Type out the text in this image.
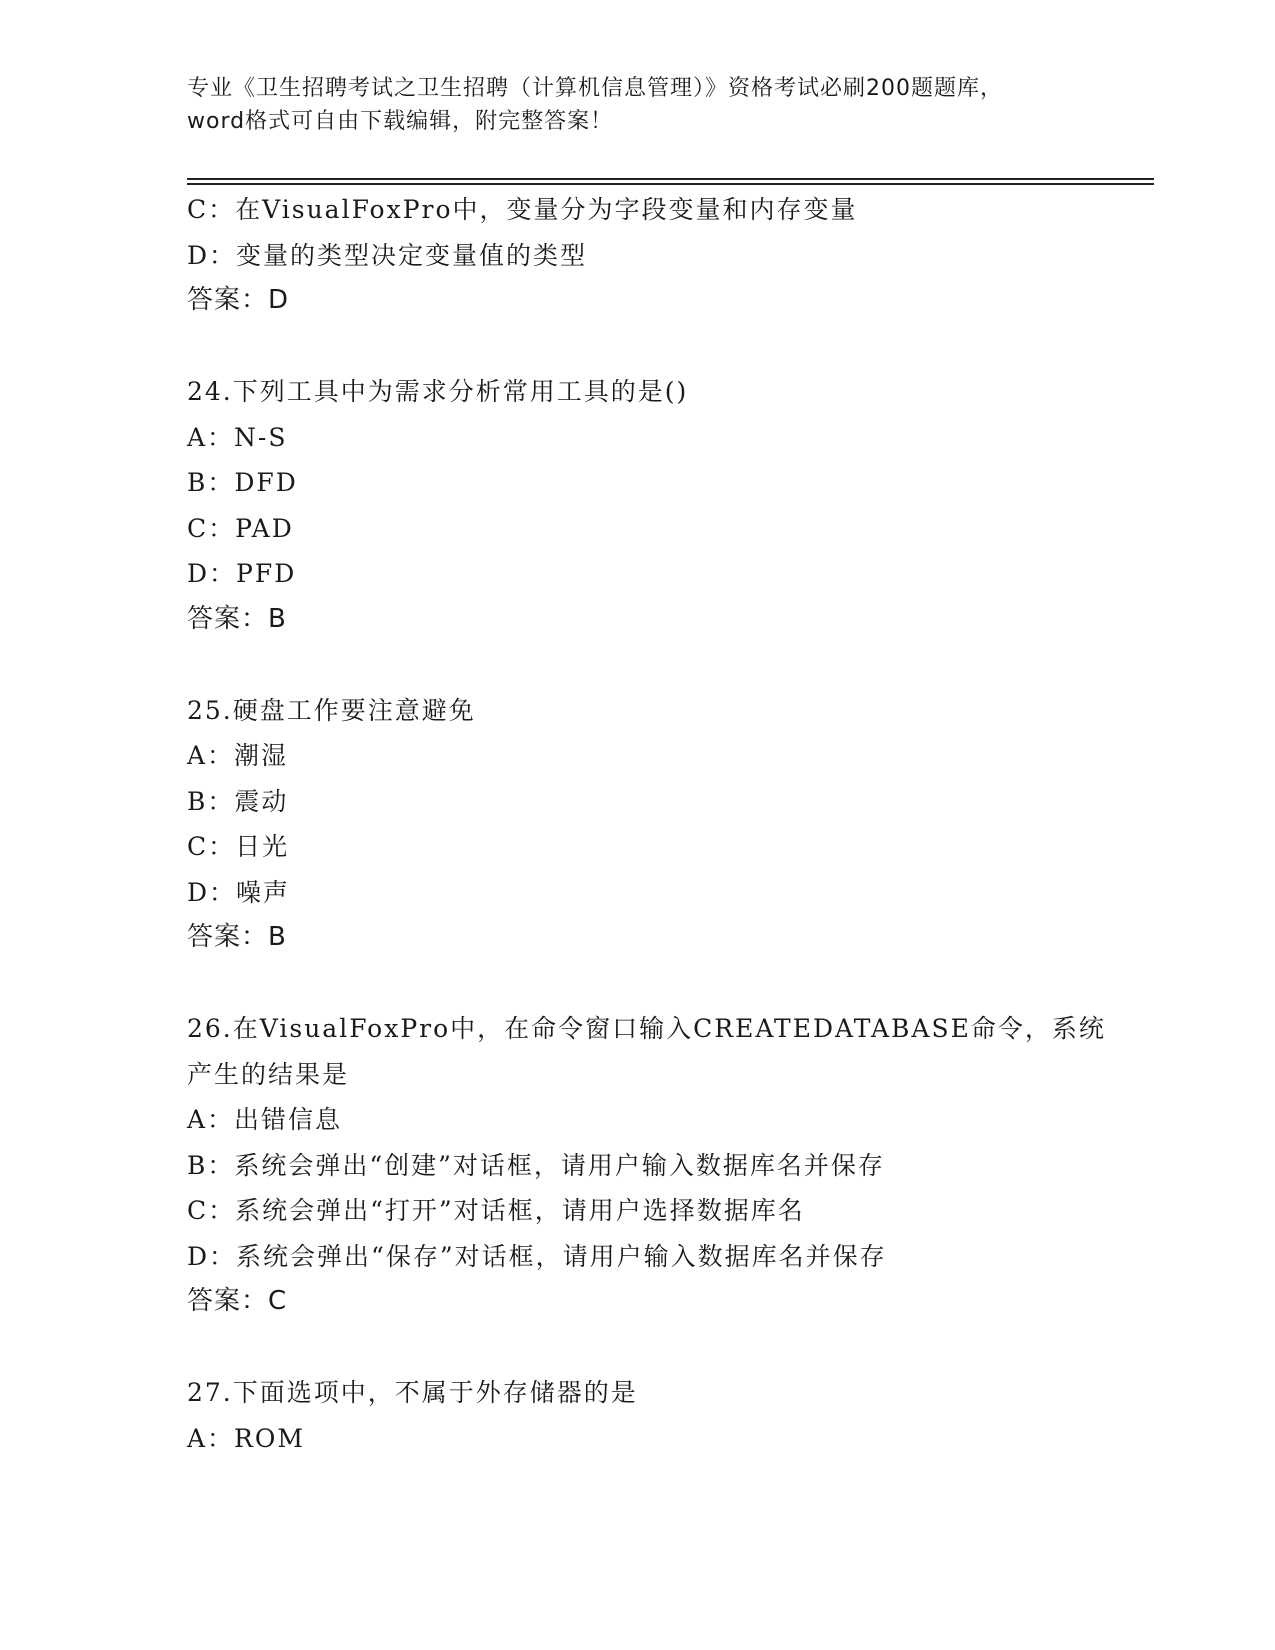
专业《卫生招聘考试之卫生招聘（计算机信息管理）》资格考试必刷200题题库，
word格式可自由下载编辑，附完整答案！
C：在VisualFoxPro中，变量分为字段变量和内存变量
D：变量的类型决定变量值的类型
答案：D
24.下列工具中为需求分析常用工具的是()
A：N-S
B：DFD
C：PAD
D：PFD
答案：B
25.硬盘工作要注意避免
A：潮湿
B：震动
C：日光
D：噪声
答案：B
26.在VisualFoxPro中，在命令窗口输入CREATEDATABASE命令，系统
产生的结果是
A：出错信息
B：系统会弹出“创建”对话框，请用户输入数据库名并保存
C：系统会弹出“打开”对话框，请用户选择数据库名
D：系统会弹出“保存”对话框，请用户输入数据库名并保存
答案：C
27.下面选项中，不属于外存储器的是
A：ROM
